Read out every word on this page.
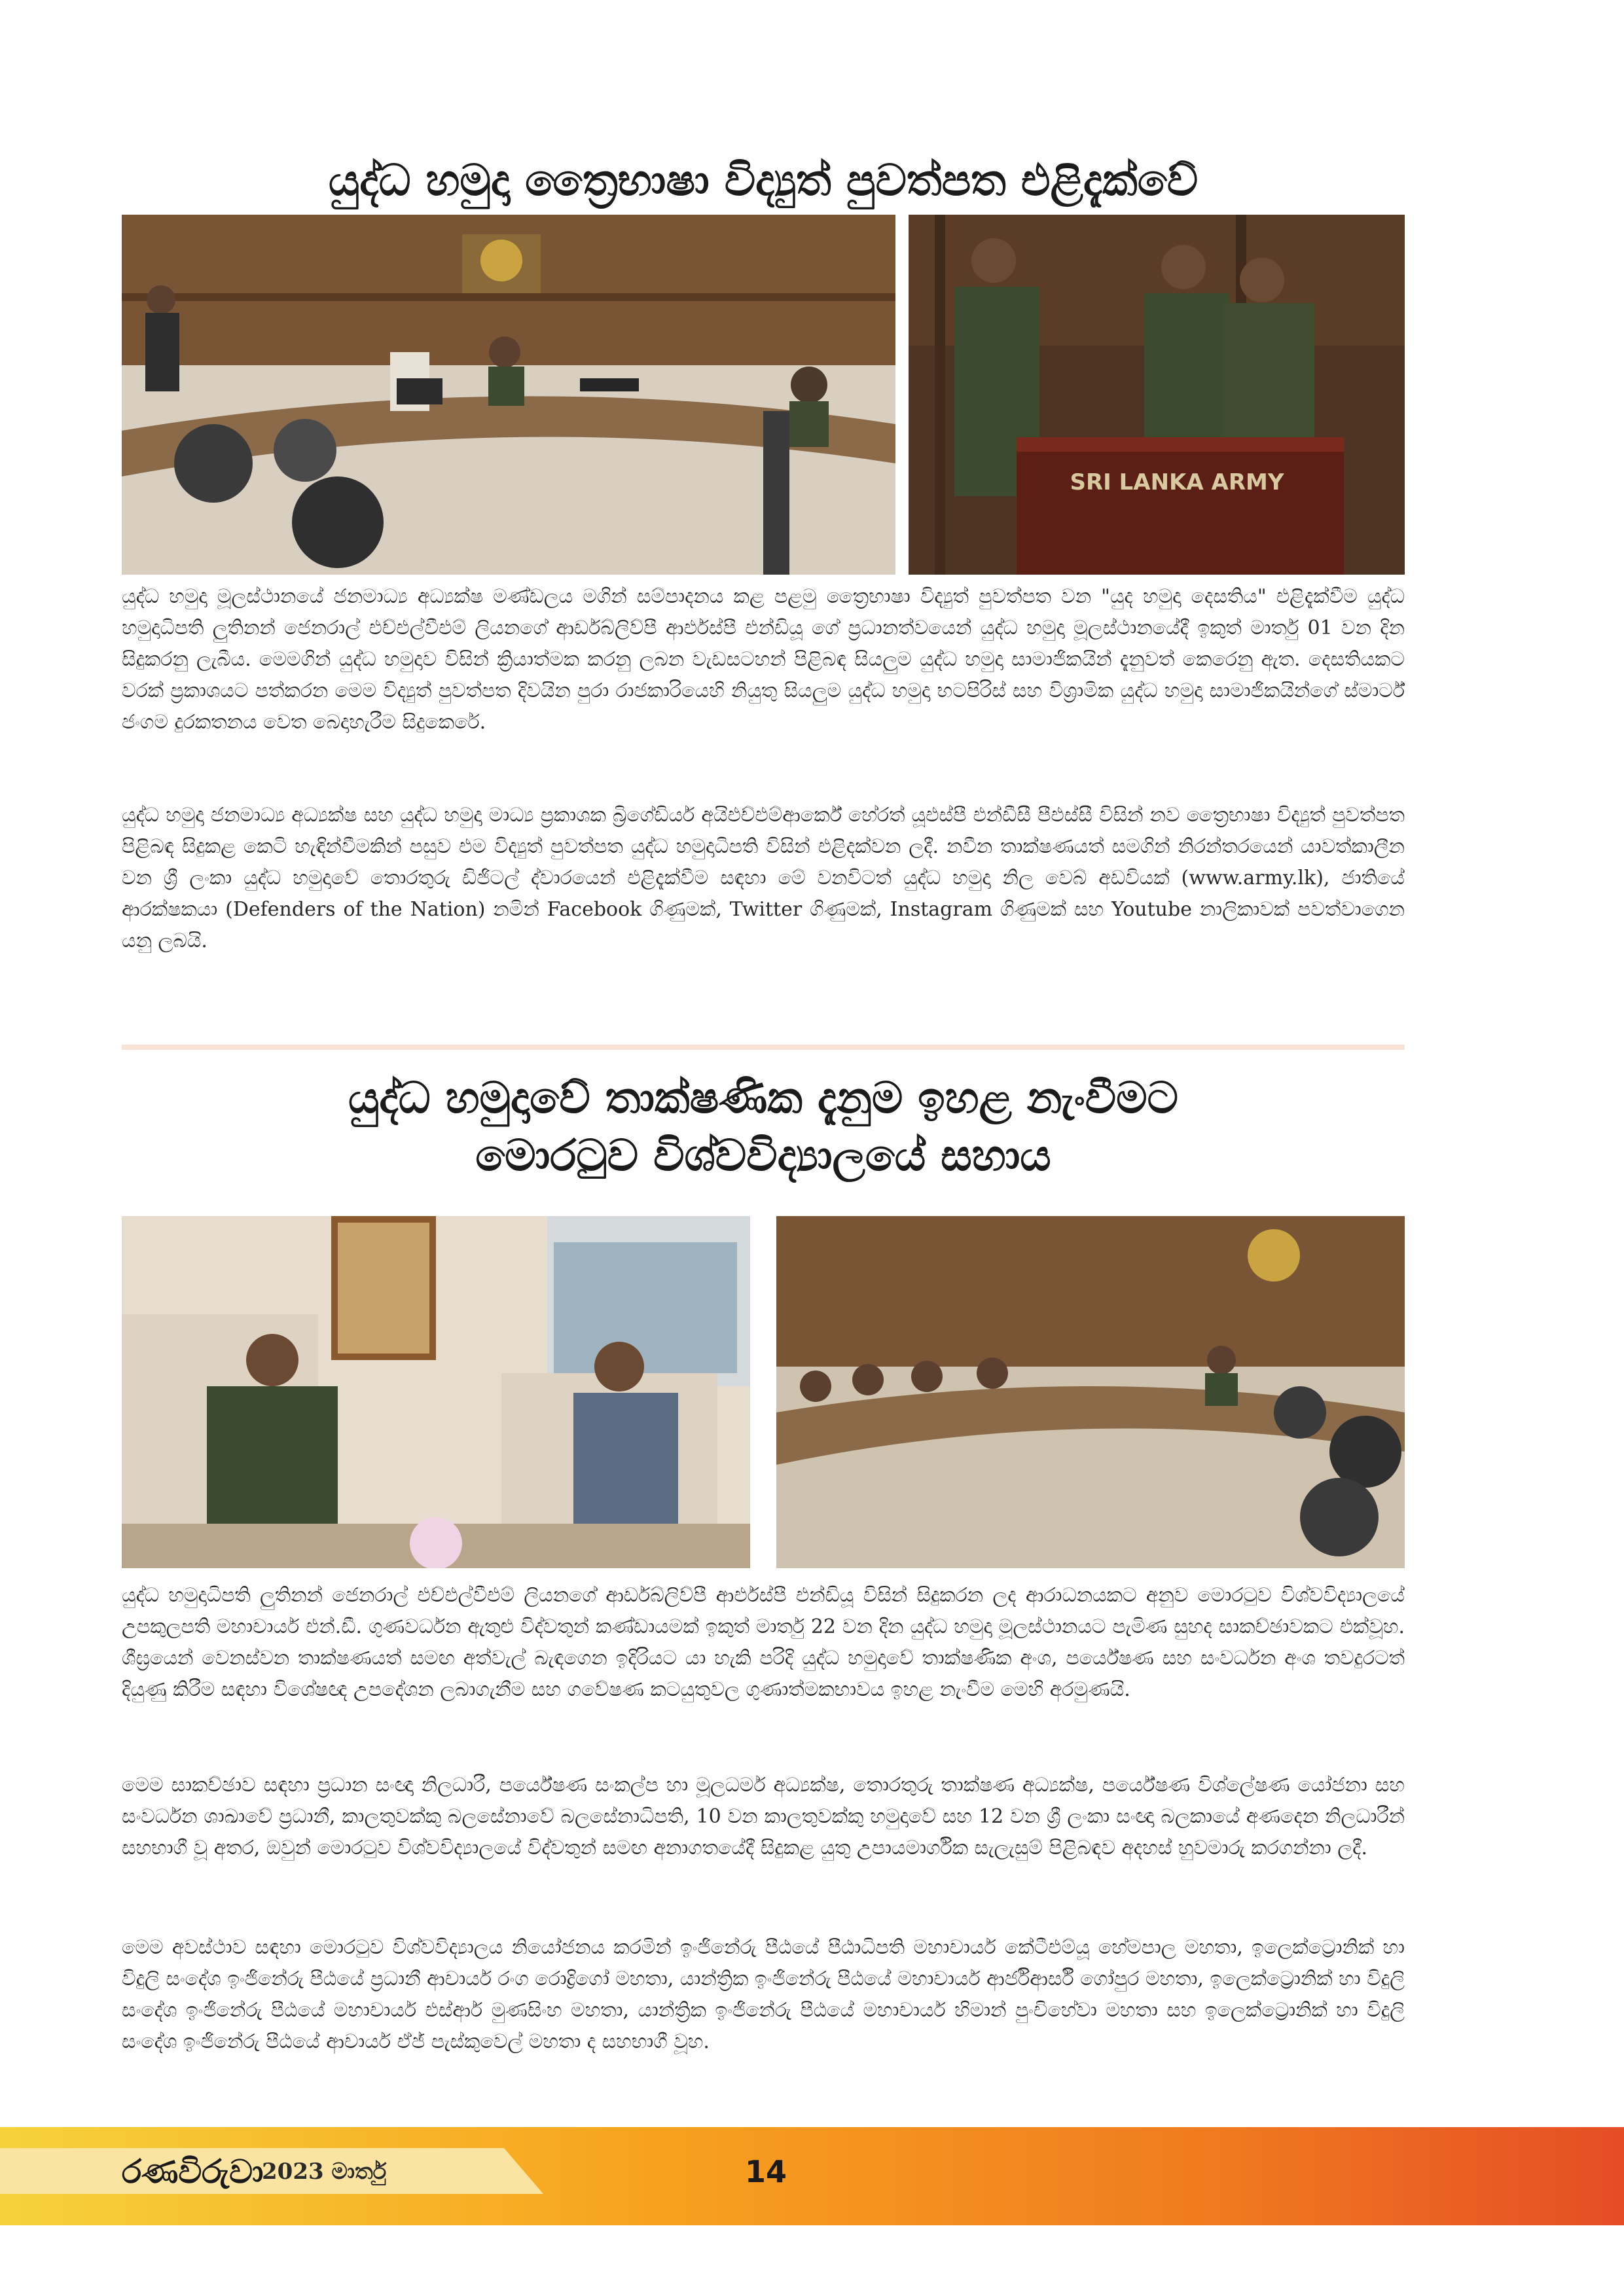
යුද්ධ හමුදා ත්‍රෛභාෂා විද්‍යුත් පුවත්පත එළිදැක්වේ
SRI LANKA ARMY

යුද්ධ හමුදා මූලස්ථානයේ ජනමාධ්‍ය අධ්‍යක්ෂ මණ්ඩලය මගින් සම්පාදනය කළ පළමු ත්‍රෛභාෂා විද්‍යුත් පුවත්පත වන "යුද හමුදා දෙසතිය" එළිදැක්වීම යුද්ධ හමුදාධිපති ලුතිනන් ජෙනරාල් එච්එල්වීඑම් ලියනගේ ආර්ඩබ්ලිව්පී ආර්එස්පී එන්ඩියූ ගේ ප්‍රධානත්වයෙන් යුද්ධ හමුදා මූලස්ථානයේදී ඉකුත් මාර්තු 01 වන දින සිදුකරනු ලැබීය. මෙමගින් යුද්ධ හමුදාව විසින් ක්‍රියාත්මක කරනු ලබන වැඩසටහන් පිළිබඳ සියලුම යුද්ධ හමුදා සාමාජිකයින් දැනුවත් කෙරෙනු ඇත. දෙසතියකට වරක් ප්‍රකාශයට පත්කරන මෙම විද්‍යුත් පුවත්පත දිවයින පුරා රාජකාරියෙහි නියුතු සියලුම යුද්ධ හමුදා භටපිරිස් සහ විශ්‍රාමික යුද්ධ හමුදා සාමාජිකයින්ගේ ස්මාර්ට් ජංගම දුරකතනය වෙත බෙදාහැරීම සිදුකෙරේ.

යුද්ධ හමුදා ජනමාධ්‍ය අධ්‍යක්ෂ සහ යුද්ධ හමුදා මාධ්‍ය ප්‍රකාශක බ්‍රිගේඩියර් අයිඑච්එම්ආර්කේ හේරත් යූඑස්පී එන්ඩීසී පීඑස්සී විසින් නව ත්‍රෛභාෂා විද්‍යුත් පුවත්පත පිළිබඳ සිදුකළ කෙටි හැඳින්වීමකින් පසුව එම විද්‍යුත් පුවත්පත යුද්ධ හමුදාධිපති විසින් එළිදක්වන ලදී. නවීන තාක්ෂණයත් සමගින් නිරන්තරයෙන් යාවත්කාලීන වන ශ්‍රී ලංකා යුද්ධ හමුදාවේ තොරතුරු ඩිජිටල් ද්වාරයෙන් එළිදැක්වීම සඳහා මේ වනවිටත් යුද්ධ හමුදා නිල වෙබ් අඩවියක් (www.army.lk), ජාතියේ ආරක්ෂකයා (Defenders of the Nation) නමින් Facebook ගිණුමක්, Twitter ගිණුමක්, Instagram ගිණුමක් සහ Youtube නාලිකාවක් පවත්වාගෙන යනු ලබයි.

යුද්ධ හමුදාවේ තාක්ෂණික දැනුම ඉහළ නැංවීමට
මොරටුව විශ්වවිද්‍යාලයේ සහාය

යුද්ධ හමුදාධිපති ලුතිනන් ජෙනරාල් එච්එල්වීඑම් ලියනගේ ආර්ඩබ්ලිව්පී ආර්එස්පී එන්ඩියූ විසින් සිදුකරන ලද ආරාධනයකට අනුව මොරටුව විශ්වවිද්‍යාලයේ උපකුලපති මහාචාර්ය එන්.ඩී. ගුණවර්ධන ඇතුළු විද්වතුන් කණ්ඩායමක් ඉකුත් මාර්තු 22 වන දින යුද්ධ හමුදා මූලස්ථානයට පැමිණ සුහද සාකච්ඡාවකට එක්වූහ. ශීඝ්‍රයෙන් වෙනස්වන තාක්ෂණයත් සමඟ අත්වැල් බැඳගෙන ඉදිරියට යා හැකි පරිදි යුද්ධ හමුදාවේ තාක්ෂණික අංශ, පර්යේෂණ සහ සංවර්ධන අංශ තවදුරටත් දියුණු කිරීම සඳහා විශේෂඥ උපදේශන ලබාගැනීම සහ ගවේෂණ කටයුතුවල ගුණාත්මකභාවය ඉහළ නැංවීම මෙහි අරමුණයි.

මෙම සාකච්ඡාව සඳහා ප්‍රධාන සංඥා නිලධාරී, පර්යේෂණ සංකල්ප හා මූලධර්ම අධ්‍යක්ෂ, තොරතුරු තාක්ෂණ අධ්‍යක්ෂ, පර්යේෂණ විශ්ලේෂණ යෝජනා සහ සංවර්ධන ශාඛාවේ ප්‍රධානී, කාලතුවක්කු බලසේනාවේ බලසේනාධිපති, 10 වන කාලතුවක්කු හමුදාවේ සහ 12 වන ශ්‍රී ලංකා සංඥා බලකායේ අණදෙන නිලධාරීන් සහභාගී වූ අතර, ඔවුන් මොරටුව විශ්වවිද්‍යාලයේ විද්වතුන් සමඟ අනාගතයේදී සිදුකළ යුතු උපායමාර්ගික සැලැසුම් පිළිබඳව අදහස් හුවමාරු කරගන්නා ලදී.

මෙම අවස්ථාව සඳහා මොරටුව විශ්වවිද්‍යාලය නියෝජනය කරමින් ඉංජිනේරු පීඨයේ පීඨාධිපති මහාචාර්ය කේටීඑම්යූ හේමපාල මහතා, ඉලෙක්ට්‍රොනික් හා විදුලි සංදේශ ඉංජිනේරු පීඨයේ ප්‍රධානී ආචාර්ය රංග රොද්‍රිගෝ මහතා, යාන්ත්‍රික ඉංජිනේරු පීඨයේ මහාචාර්ය ආර්ජිආර්සී ගෝපුර මහතා, ඉලෙක්ට්‍රොනික් හා විදුලි සංදේශ ඉංජිනේරු පීඨයේ මහාචාර්ය එස්ආර් මුණසිංහ මහතා, යාන්ත්‍රික ඉංජිනේරු පීඨයේ මහාචාර්ය හිමාන් පුංචිහේවා මහතා සහ ඉලෙක්ට්‍රොනික් හා විදුලි සංදේශ ඉංජිනේරු පීඨයේ ආචාර්ය ඒජ් පැස්කුවෙල් මහතා ද සහභාගී වූහ.

රණවිරුවා
2023 මාර්තු	14
